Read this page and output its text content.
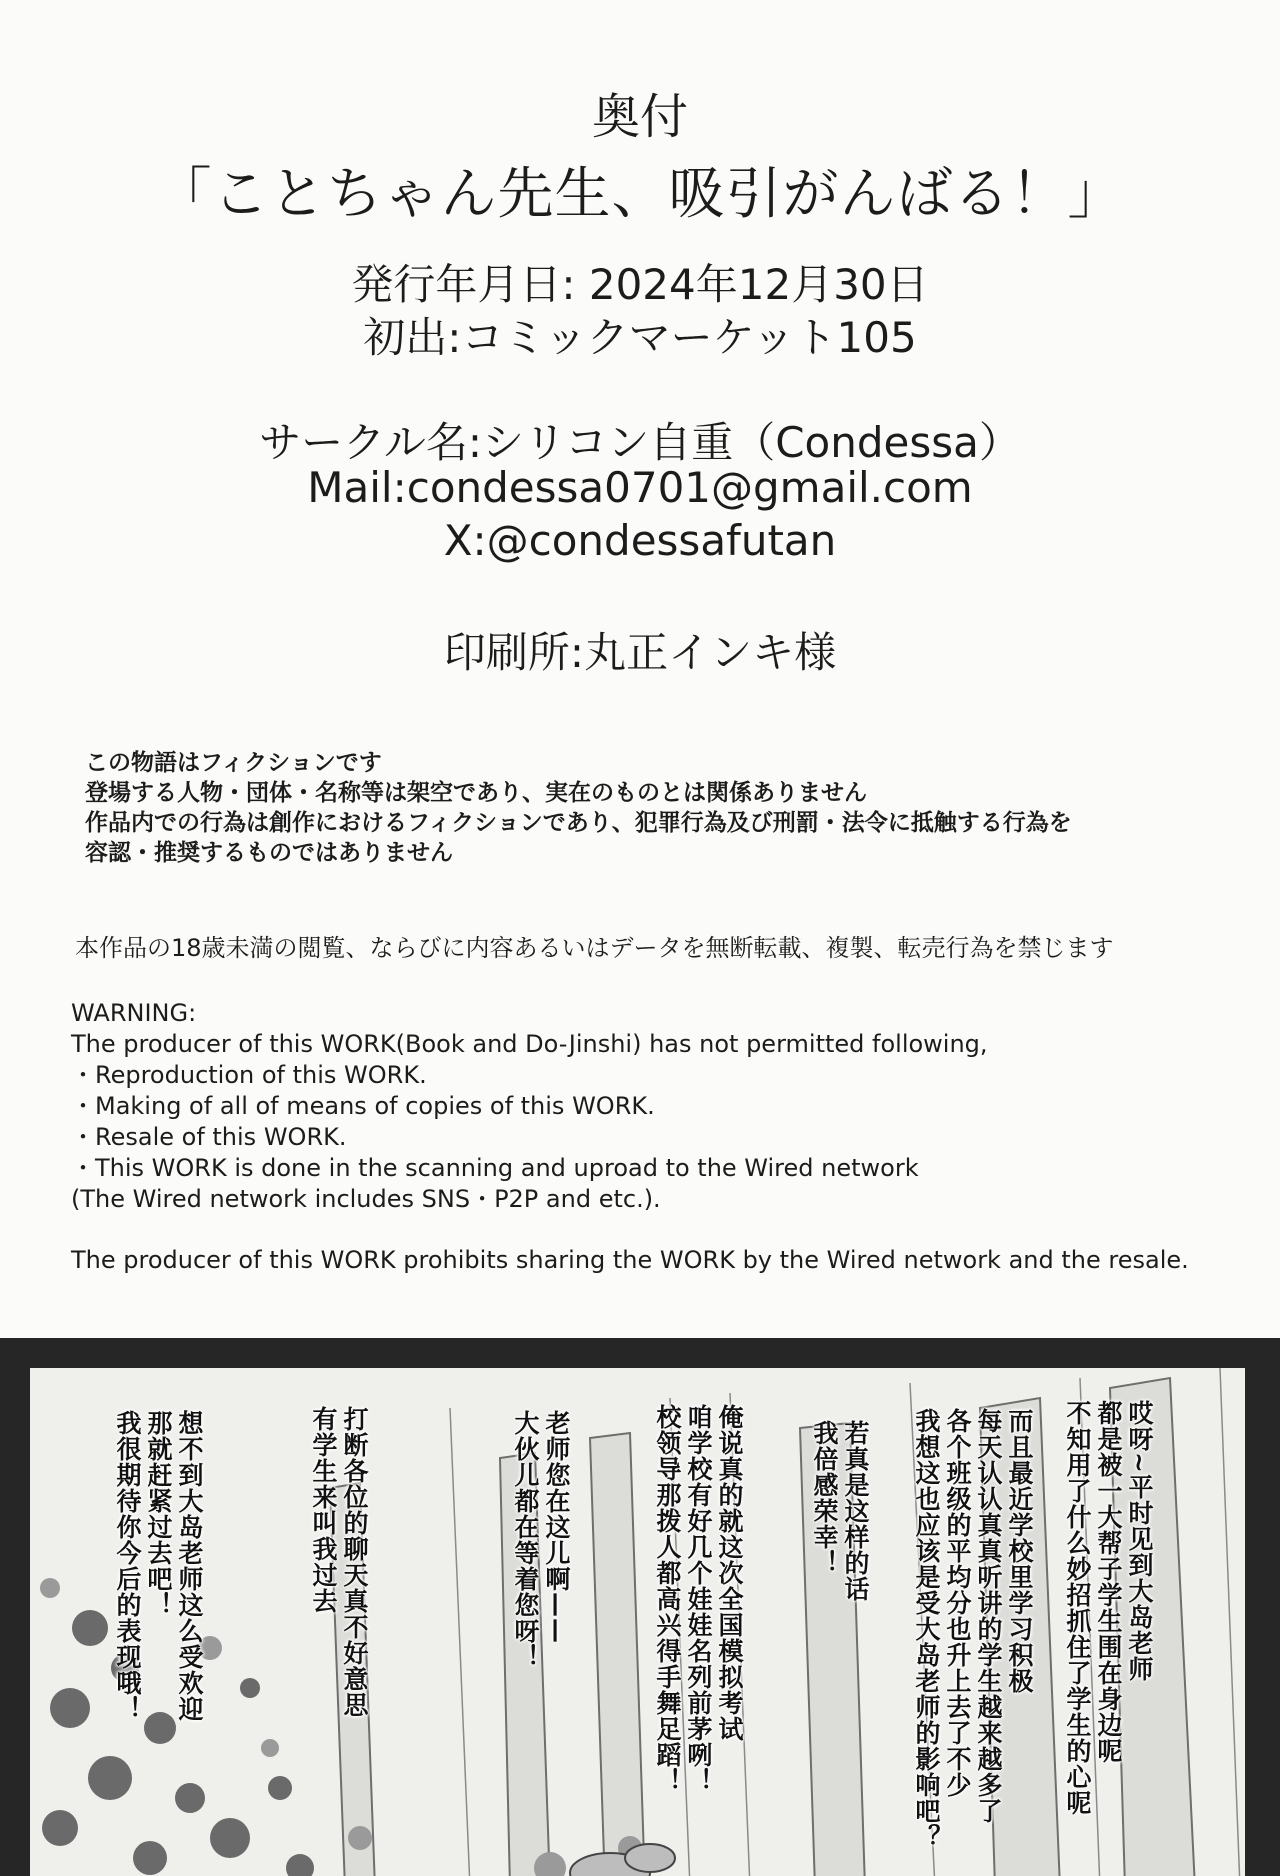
奥付
「ことちゃん先生、吸引がんばる！」
発行年月日: 2024年12月30日
初出:コミックマーケット105
サークル名:シリコン自重（Condessa）
Mail:condessa0701@gmail.com
X:@condessafutan
印刷所:丸正インキ様
この物語はフィクションです
登場する人物・団体・名称等は架空であり、実在のものとは関係ありません
作品内での行為は創作におけるフィクションであり、犯罪行為及び刑罰・法令に抵触する行為を
容認・推奨するものではありません
本作品の18歳未満の閲覧、ならびに内容あるいはデータを無断転載、複製、転売行為を禁じます
WARNING:
The producer of this WORK(Book and Do-Jinshi) has not permitted following,
・Reproduction of this WORK.
・Making of all of means of copies of this WORK.
・Resale of this WORK.
・This WORK is done in the scanning and uproad to the Wired network
(The Wired network includes SNS・P2P and etc.).
The producer of this WORK prohibits sharing the WORK by the Wired network and the resale.
哎呀~平时见到大岛老师
都是被一大帮子学生围在身边呢
不知用了什么妙招抓住了学生的心呢
而且最近学校里学习积极
每天认认真真听讲的学生越来越多了
各个班级的平均分也升上去了不少
我想这也应该是受大岛老师的影响吧？
若真是这样的话
我倍感荣幸！
俺说真的就这次全国模拟考试
咱学校有好几个娃娃名列前茅咧！
校领导那拨人都高兴得手舞足蹈！
老师您在这儿啊——
大伙儿都在等着您呀！
打断各位的聊天真不好意思
有学生来叫我过去
想不到大岛老师这么受欢迎
那就赶紧过去吧！
我很期待你今后的表现哦！
